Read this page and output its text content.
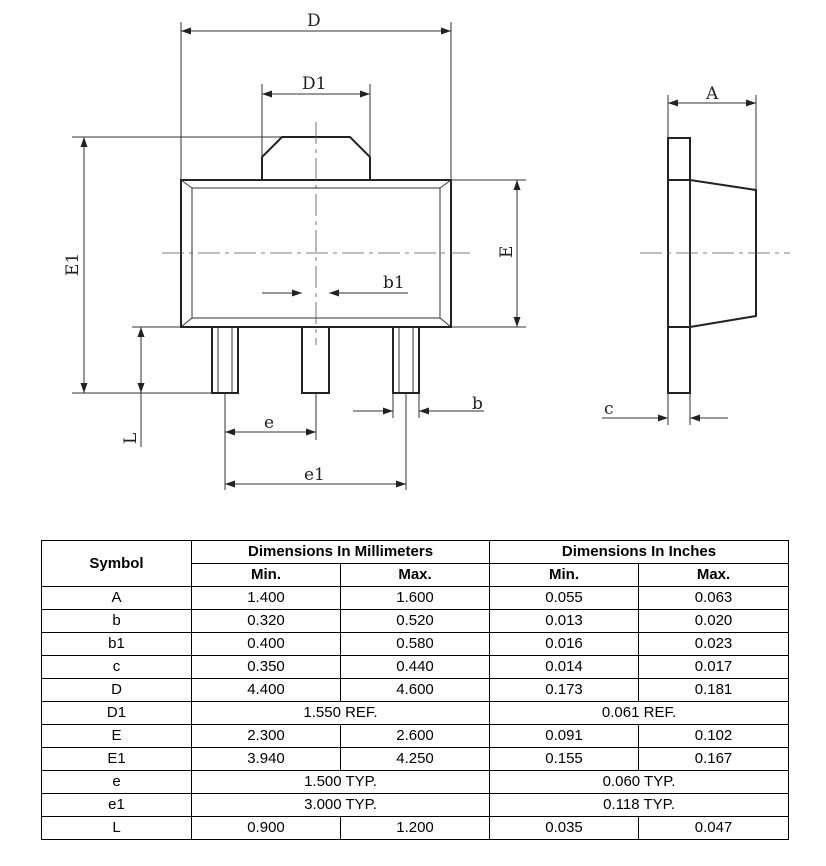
D
D1
E1
E
b1
b
L
e
e1
A
c
Symbol	Dimensions In Millimeters		Dimensions In Inches	
	Min.	Max.	Min.	Max.
A	1.400	1.600	0.055	0.063
b	0.320	0.520	0.013	0.020
b1	0.400	0.580	0.016	0.023
c	0.350	0.440	0.014	0.017
D	4.400	4.600	0.173	0.181
D1	1.550 REF.		0.061 REF.	
E	2.300	2.600	0.091	0.102
E1	3.940	4.250	0.155	0.167
e	1.500 TYP.		0.060 TYP.	
e1	3.000 TYP.		0.118 TYP.	
L	0.900	1.200	0.035	0.047
